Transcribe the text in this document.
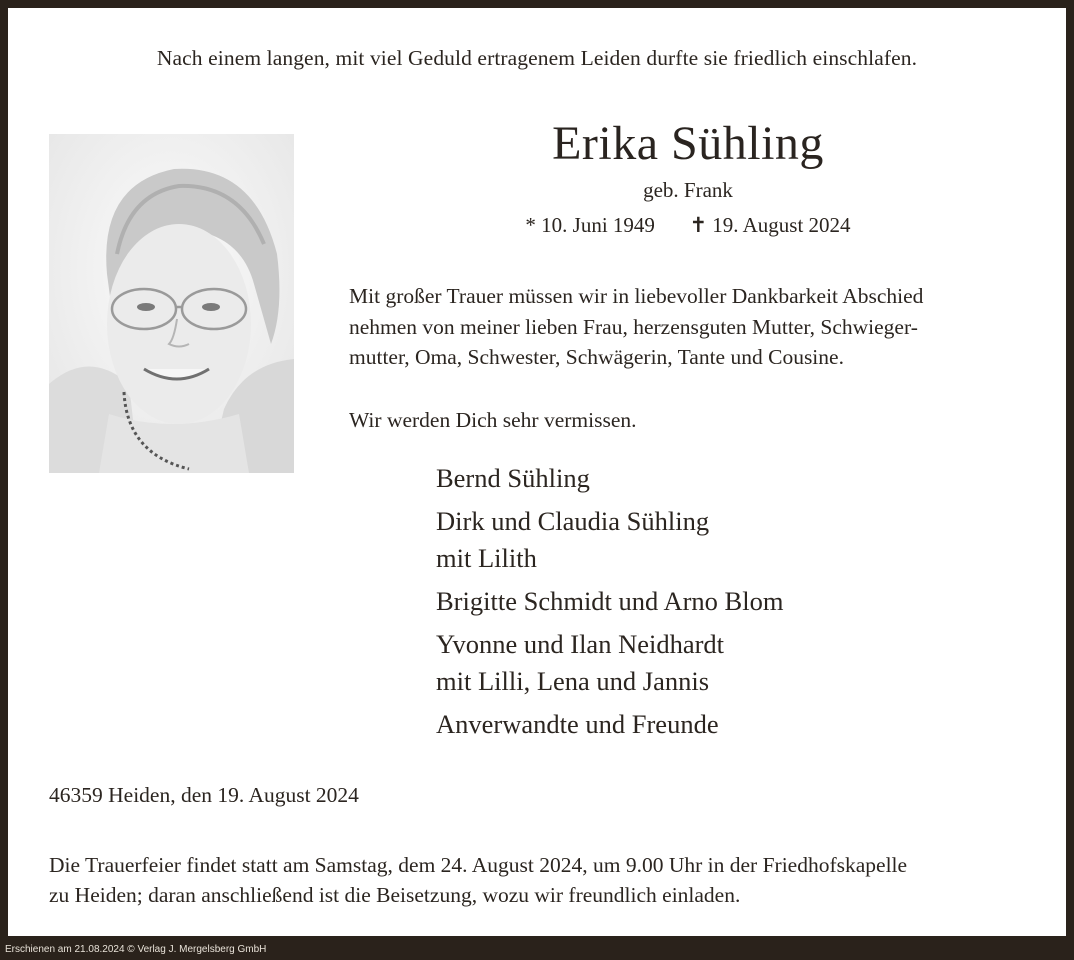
Nach einem langen, mit viel Geduld ertragenem Leiden durfte sie friedlich einschlafen.
Erika Sühling
geb. Frank
* 10. Juni 1949 ✝ 19. August 2024
Mit großer Trauer müssen wir in liebevoller Dankbarkeit Abschied
nehmen von meiner lieben Frau, herzensguten Mutter, Schwieger-
mutter, Oma, Schwester, Schwägerin, Tante und Cousine.
Wir werden Dich sehr vermissen.
Bernd Sühling
Dirk und Claudia Sühling
mit Lilith
Brigitte Schmidt und Arno Blom
Yvonne und Ilan Neidhardt
mit Lilli, Lena und Jannis
Anverwandte und Freunde
46359 Heiden, den 19. August 2024
Die Trauerfeier findet statt am Samstag, dem 24. August 2024, um 9.00 Uhr in der Friedhofskapelle
zu Heiden; daran anschließend ist die Beisetzung, wozu wir freundlich einladen.
Erschienen am 21.08.2024 © Verlag J. Mergelsberg GmbH
